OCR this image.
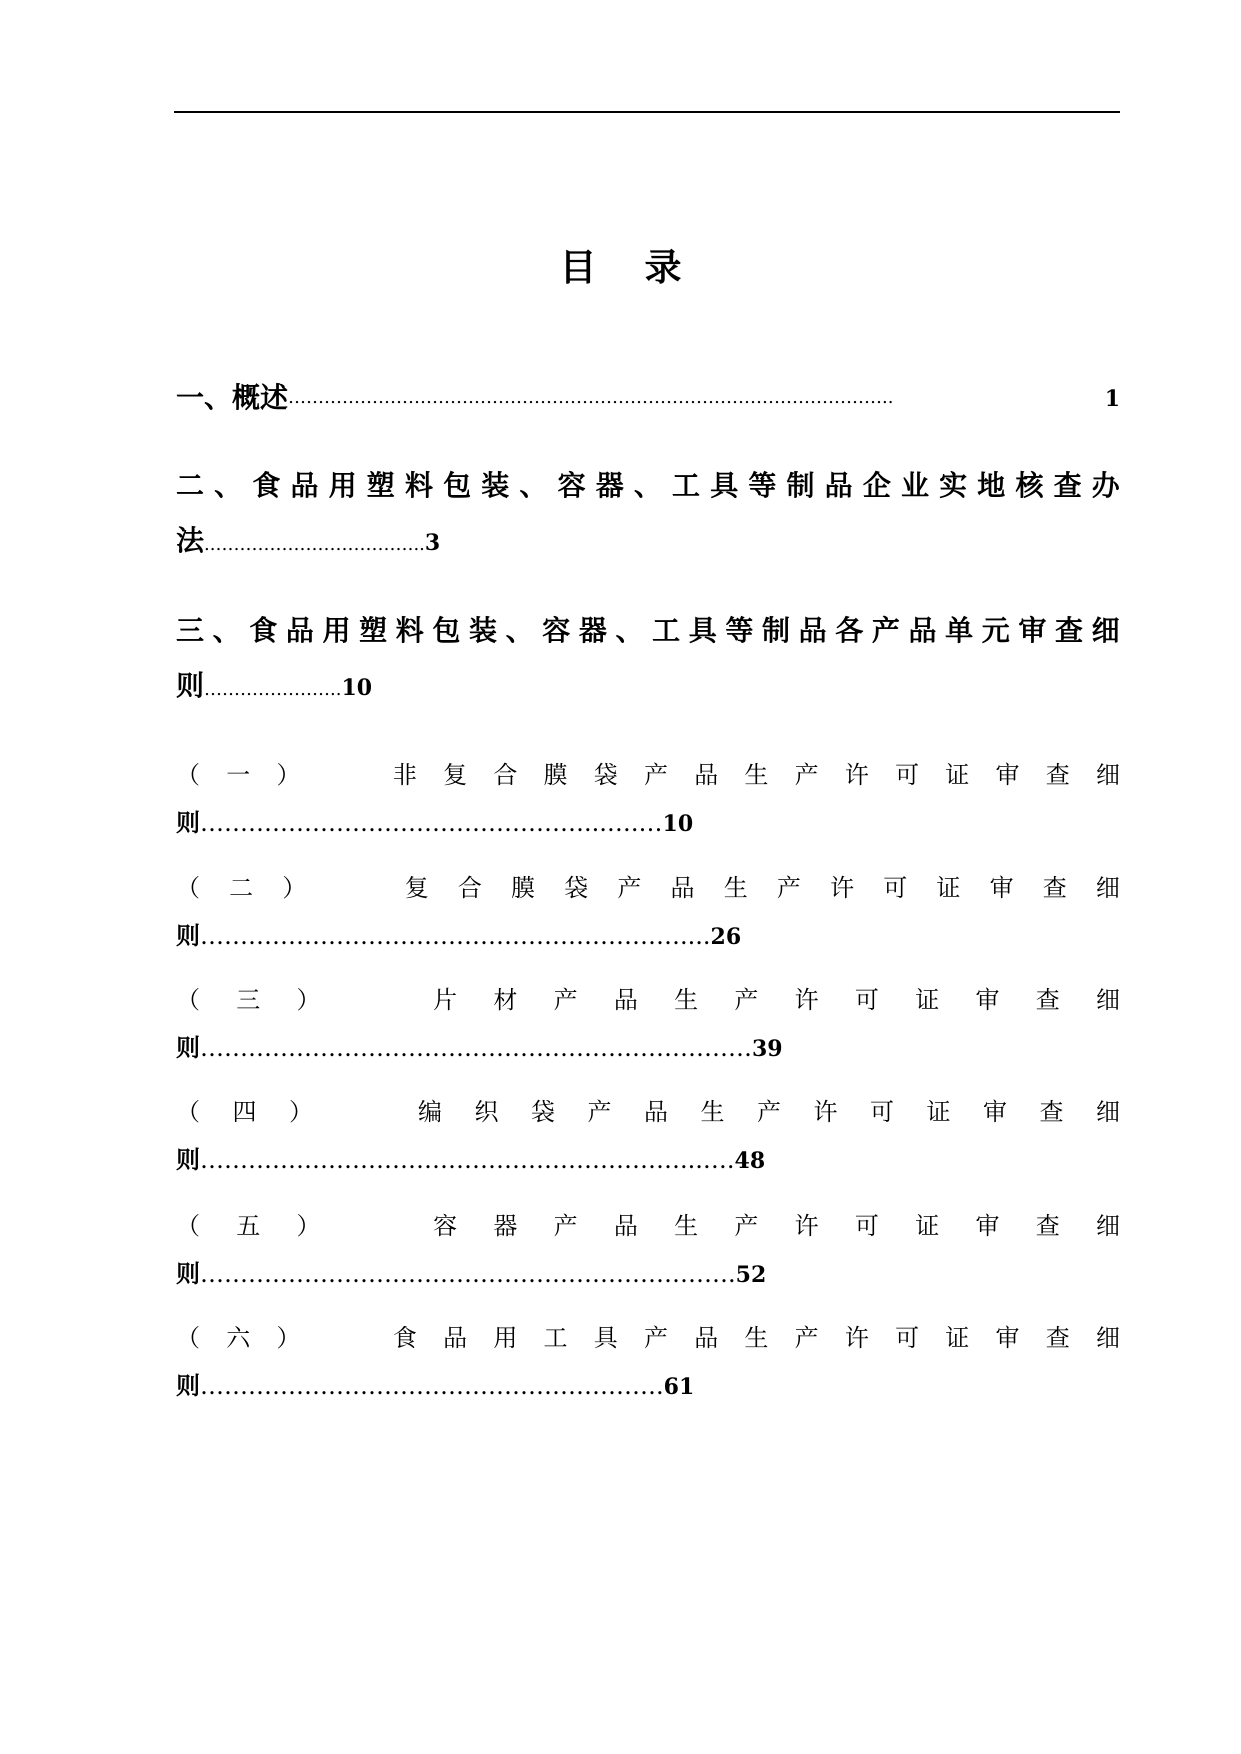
目 录
一、概述 ………………………………………………………………………………………..	1
二 、 食 品 用 塑 料 包 装 、 容 器 、 工 具 等 制 品 企 业 实 地 核 查 办
法..……………………………..3
三 、 食 品 用 塑 料 包 装 、 容 器 、 工 具 等 制 品 各 产 品 单 元 审 查 细
则…………………..10
（ 一 ）	非 复 合 膜 袋 产 品 生 产 许 可 证 审 查 细
则…………………………………………...….…10
（ 二 ）	复 合 膜 袋 产 品 生 产 许 可 证 审 查 细
则……………………………………………………....26
（ 三 ）	片 材 产 品 生 产 许 可 证 审 查 细
则……………………………………………………………39
（ 四 ）	编 织 袋 产 品 生 产 许 可 证 审 查 细
则……………………………………………………...….48
（ 五 ）	容 器 产 品 生 产 许 可 证 审 查 细
则………………………………………………………….52
（ 六 ）	食 品 用 工 具 产 品 生 产 许 可 证 审 查 细
则………………………………………………….61
